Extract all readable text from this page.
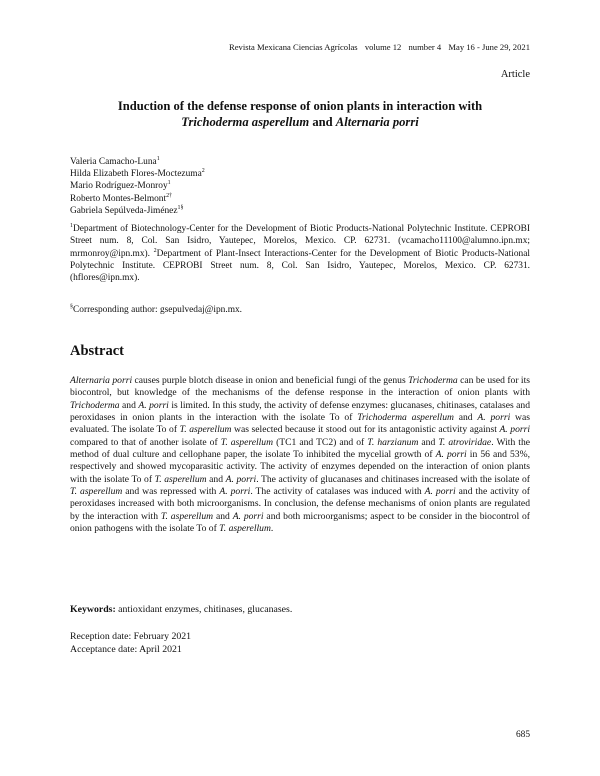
Revista Mexicana Ciencias Agrícolas volume 12 number 4 May 16 - June 29, 2021
Article
Induction of the defense response of onion plants in interaction with
Trichoderma asperellum and Alternaria porri
Valeria Camacho-Luna$^1$
Hilda Elizabeth Flores-Moctezuma$^2$
Mario Rodríguez-Monroy$^1$
Roberto Montes-Belmont$^{2\dagger}$
Gabriela Sepúlveda-Jiménez$^{1\S}$
$^1$Department of Biotechnology-Center for the Development of Biotic Products-National Polytechnic Institute. CEPROBI Street num. 8, Col. San Isidro, Yautepec, Morelos, Mexico. CP. 62731. (vcamacho11100@alumno.ipn.mx; mrmonroy@ipn.mx). $^2$Department of Plant-Insect Interactions-Center for the Development of Biotic Products-National Polytechnic Institute. CEPROBI Street num. 8, Col. San Isidro, Yautepec, Morelos, Mexico. CP. 62731. (hflores@ipn.mx).
§Corresponding author: gsepulvedaj@ipn.mx.
Abstract
Alternaria porri causes purple blotch disease in onion and beneficial fungi of the genus Trichoderma can be used for its biocontrol, but knowledge of the mechanisms of the defense response in the interaction of onion plants with Trichoderma and A. porri is limited. In this study, the activity of defense enzymes: glucanases, chitinases, catalases and peroxidases in onion plants in the interaction with the isolate To of Trichoderma asperellum and A. porri was evaluated. The isolate To of T. asperellum was selected because it stood out for its antagonistic activity against A. porri compared to that of another isolate of T. asperellum (TC1 and TC2) and of T. harzianum and T. atroviridae. With the method of dual culture and cellophane paper, the isolate To inhibited the mycelial growth of A. porri in 56 and 53%, respectively and showed mycoparasitic activity. The activity of enzymes depended on the interaction of onion plants with the isolate To of T. asperellum and A. porri. The activity of glucanases and chitinases increased with the isolate of T. asperellum and was repressed with A. porri. The activity of catalases was induced with A. porri and the activity of peroxidases increased with both microorganisms. In conclusion, the defense mechanisms of onion plants are regulated by the interaction with T. asperellum and A. porri and both microorganisms; aspect to be consider in the biocontrol of onion pathogens with the isolate To of T. asperellum.
Keywords: antioxidant enzymes, chitinases, glucanases.
Reception date: February 2021
Acceptance date: April 2021
685
